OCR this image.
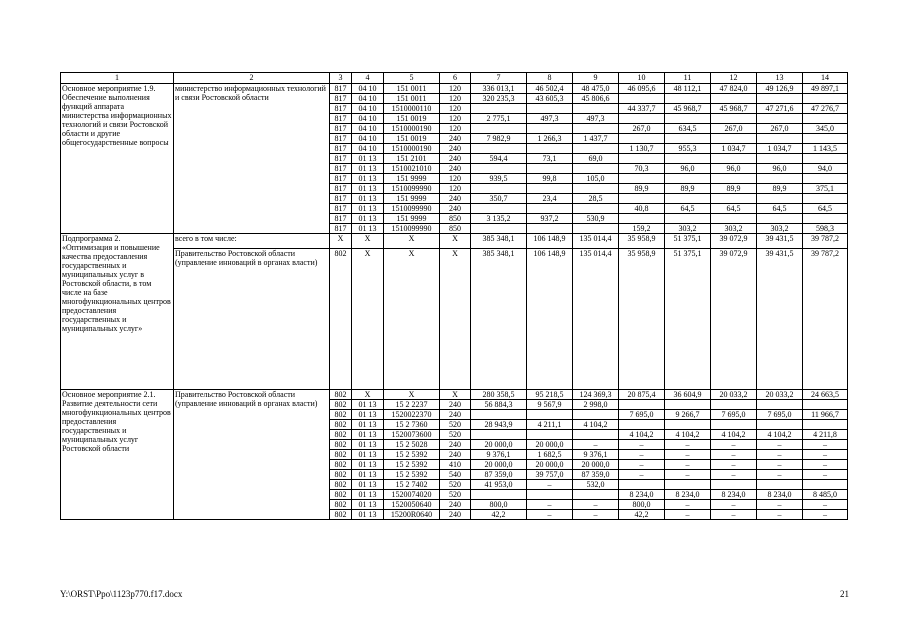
1	2	3	4	5	6	7	8	9	10	11	12	13	14
Основное мероприятие 1.9. Обеспечение выполнения функций аппарата министерства информационных технологий и связи Ростовской области и другие общегосударственные вопросы	министерство информационных технологий и связи Ростовской области	817	04 10	151 0011	120	336 013,1	46 502,4	48 475,0	46 095,6	48 112,1	47 824,0	49 126,9	49 897,1
		817	04 10	151 0011	120	320 235,3	43 605,3	45 806,6					
		817	04 10	1510000110	120				44 337,7	45 968,7	45 968,7	47 271,6	47 276,7
		817	04 10	151 0019	120	2 775,1	497,3	497,3					
		817	04 10	1510000190	120				267,0	634,5	267,0	267,0	345,0
		817	04 10	151 0019	240	7 982,9	1 266,3	1 437,7					
		817	04 10	1510000190	240				1 130,7	955,3	1 034,7	1 034,7	1 143,5
		817	01 13	151 2101	240	594,4	73,1	69,0					
		817	01 13	1510021010	240				70,3	96,0	96,0	96,0	94,0
		817	01 13	151 9999	120	939,5	99,8	105,0					
		817	01 13	1510099990	120				89,9	89,9	89,9	89,9	375,1
		817	01 13	151 9999	240	350,7	23,4	28,5					
		817	01 13	1510099990	240				40,8	64,5	64,5	64,5	64,5
		817	01 13	151 9999	850	3 135,2	937,2	530,9					
		817	01 13	1510099990	850				159,2	303,2	303,2	303,2	598,3
Подпрограмма 2. «Оптимизация и повышение качества предоставления государственных и муниципальных услуг в Ростовской области, в том числе на базе многофункциональных центров предоставления государственных и муниципальных услуг»	всего в том числе:	X	X	X	X	385 348,1	106 148,9	135 014,4	35 958,9	51 375,1	39 072,9	39 431,5	39 787,2
	Правительство Ростовской области (управление инноваций в органах власти)	802	X	X	X	385 348,1	106 148,9	135 014,4	35 958,9	51 375,1	39 072,9	39 431,5	39 787,2
Основное мероприятие 2.1. Развитие деятельности сети многофункциональных центров предоставления государственных и муниципальных услуг Ростовской области	Правительство Ростовской области (управление инноваций в органах власти)	802	X	X	X	280 358,5	95 218,5	124 369,3	20 875,4	36 604,9	20 033,2	20 033,2	24 663,5
		802	01 13	15 2 2237	240	56 884,3	9 567,9	2 998,0					
		802	01 13	1520022370	240				7 695,0	9 266,7	7 695,0	7 695,0	11 966,7
		802	01 13	15 2 7360	520	28 943,9	4 211,1	4 104,2					
		802	01 13	1520073600	520				4 104,2	4 104,2	4 104,2	4 104,2	4 211,8
		802	01 13	15 2 5028	240	20 000,0	20 000,0	–	–	–	–	–	–
		802	01 13	15 2 5392	240	9 376,1	1 682,5	9 376,1	–	–	–	–	–
		802	01 13	15 2 5392	410	20 000,0	20 000,0	20 000,0	–	–	–	–	–
		802	01 13	15 2 5392	540	87 359,0	39 757,0	87 359,0	–	–	–	–	–
		802	01 13	15 2 7402	520	41 953,0	–	532,0					
		802	01 13	1520074020	520				8 234,0	8 234,0	8 234,0	8 234,0	8 485,0
		802	01 13	1520050640	240	800,0	–	–	800,0	–	–	–	–
		802	01 13	15200R0640	240	42,2	–	–	42,2	–	–	–	–
Y:\ORST\Ppo\1123p770.f17.docx	21
